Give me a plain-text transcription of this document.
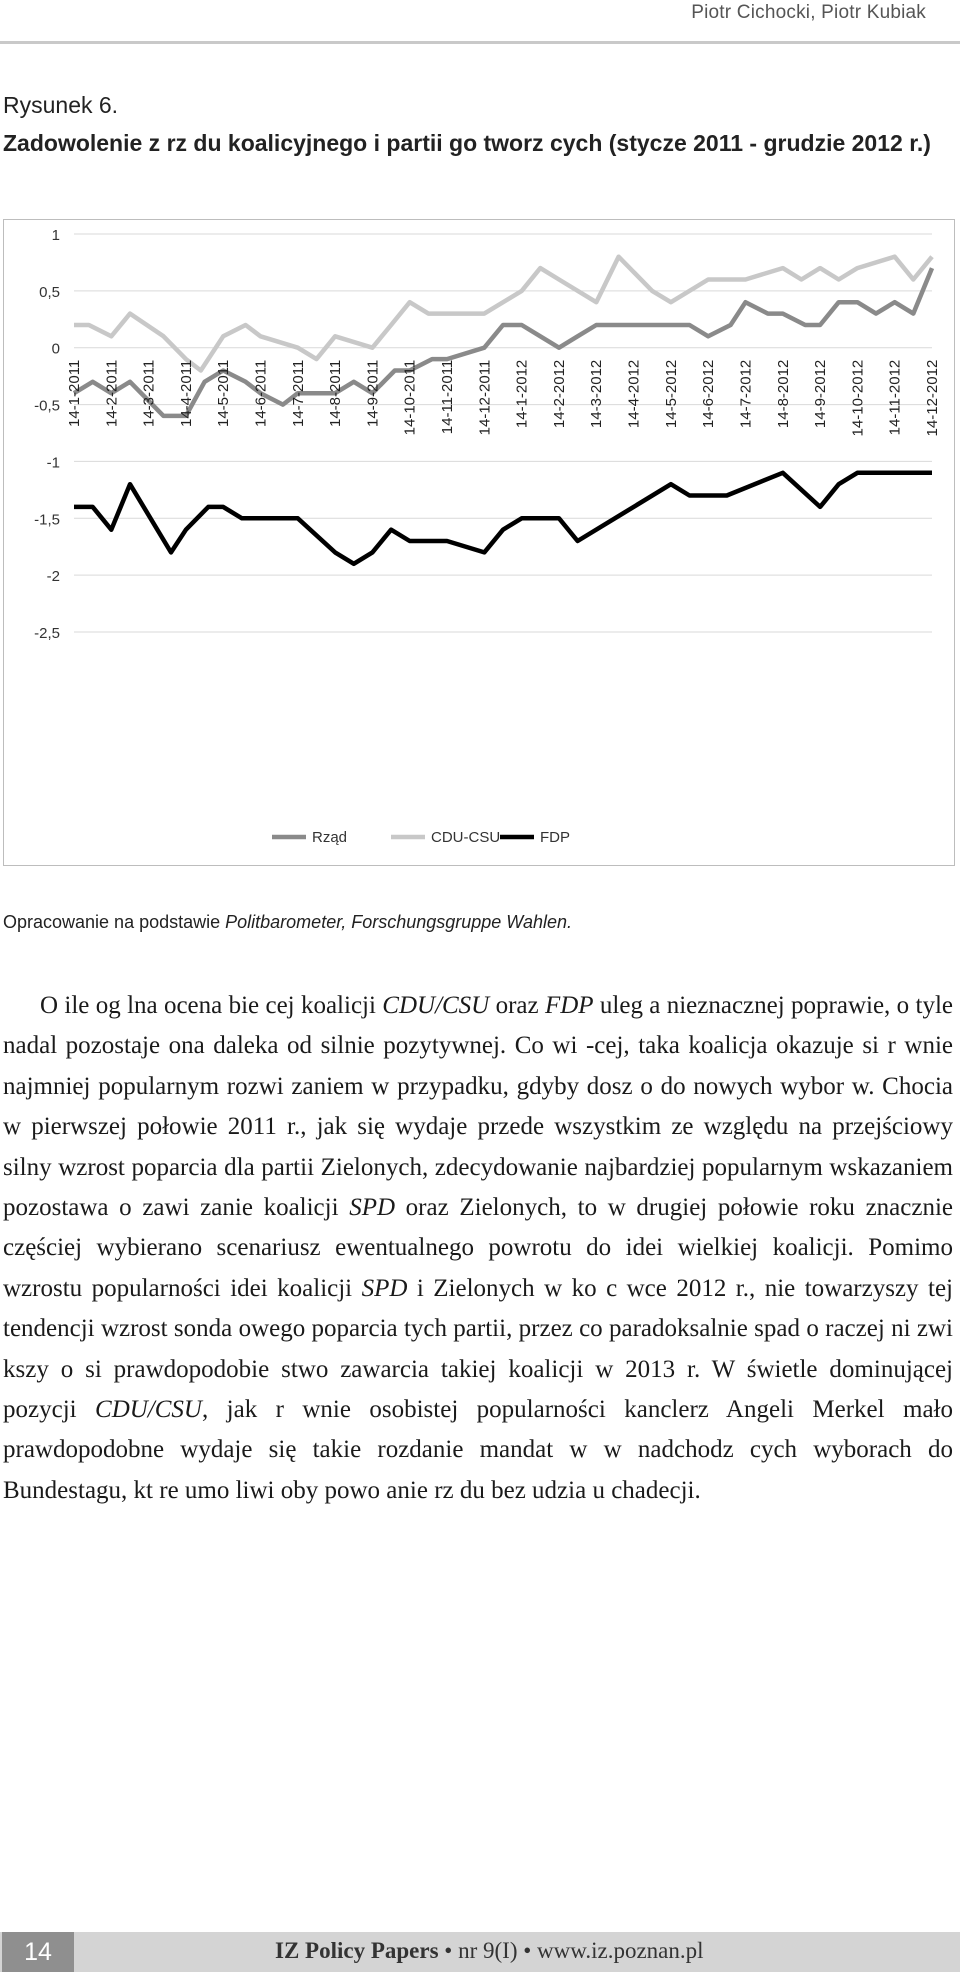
Piotr Cichocki, Piotr Kubiak
Rysunek 6.
Zadowolenie z rz du koalicyjnego i partii go tworz cych (stycze 2011 - grudzie 2012 r.)
1
0,5
0
-0,5
-1
-1,5
-2
-2,5
14-1-2011 14-2-2011 14-3-2011 14-4-2011 14-5-2011 14-6-2011 14-7-2011 14-8-2011 14-9-2011 14-10-2011 14-11-2011 14-12-2011 14-1-2012 14-2-2012 14-3-2012 14-4-2012 14-5-2012 14-6-2012 14-7-2012 14-8-2012 14-9-2012 14-10-2012 14-11-2012 14-12-2012
Rząd	CDU-CSU	FDP
Opracowanie na podstawie Politbarometer, Forschungsgruppe Wahlen.

O ile og lna ocena bie cej koalicji CDU/CSU oraz FDP uleg a nieznacznej poprawie, o tyle nadal pozostaje ona daleka od silnie pozytywnej. Co wi -cej, taka koalicja okazuje si r wnie najmniej popularnym rozwi zaniem w przypadku, gdyby dosz o do nowych wybor w. Chocia w pierwszej połowie 2011 r., jak się wydaje przede wszystkim ze względu na przejściowy silny wzrost poparcia dla partii Zielonych, zdecydowanie najbardziej popularnym wskazaniem pozostawa o zawi zanie koalicji SPD oraz Zielonych, to w drugiej połowie roku znacznie częściej wybierano scenariusz ewentualnego powrotu do idei wielkiej koalicji. Pomimo wzrostu popularności idei koalicji SPD i Zielonych w ko c wce 2012 r., nie towarzyszy tej tendencji wzrost sonda owego poparcia tych partii, przez co paradoksalnie spad o raczej ni zwi kszy o si prawdopodobie stwo zawarcia takiej koalicji w 2013 r. W świetle dominującej pozycji CDU/CSU, jak r wnie osobistej popularności kanclerz Angeli Merkel mało prawdopodobne wydaje się takie rozdanie mandat w w nadchodz cych wyborach do Bundestagu, kt re umo liwi oby powo anie rz du bez udzia u chadecji.

14	IZ Policy Papers • nr 9(I) • www.iz.poznan.pl
